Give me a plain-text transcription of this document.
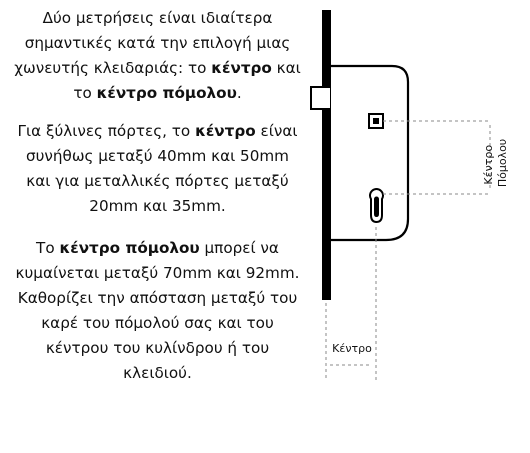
Δύο μετρήσεις είναι ιδιαίτερα
σημαντικές κατά την επιλογή μιας
χωνευτής κλειδαριάς: το κέντρο και
το κέντρο πόμολου.

Για ξύλινες πόρτες, το κέντρο είναι
συνήθως μεταξύ 40mm και 50mm
και για μεταλλικές πόρτες μεταξύ
20mm και 35mm.

Το κέντρο πόμολου μπορεί να
κυμαίνεται μεταξύ 70mm και 92mm.
Καθορίζει την απόσταση μεταξύ του
καρέ του πόμολού σας και του
κέντρου του κυλίνδρου ή του
κλειδιού.

Κέντρο
Κέντρο Πόμολου
